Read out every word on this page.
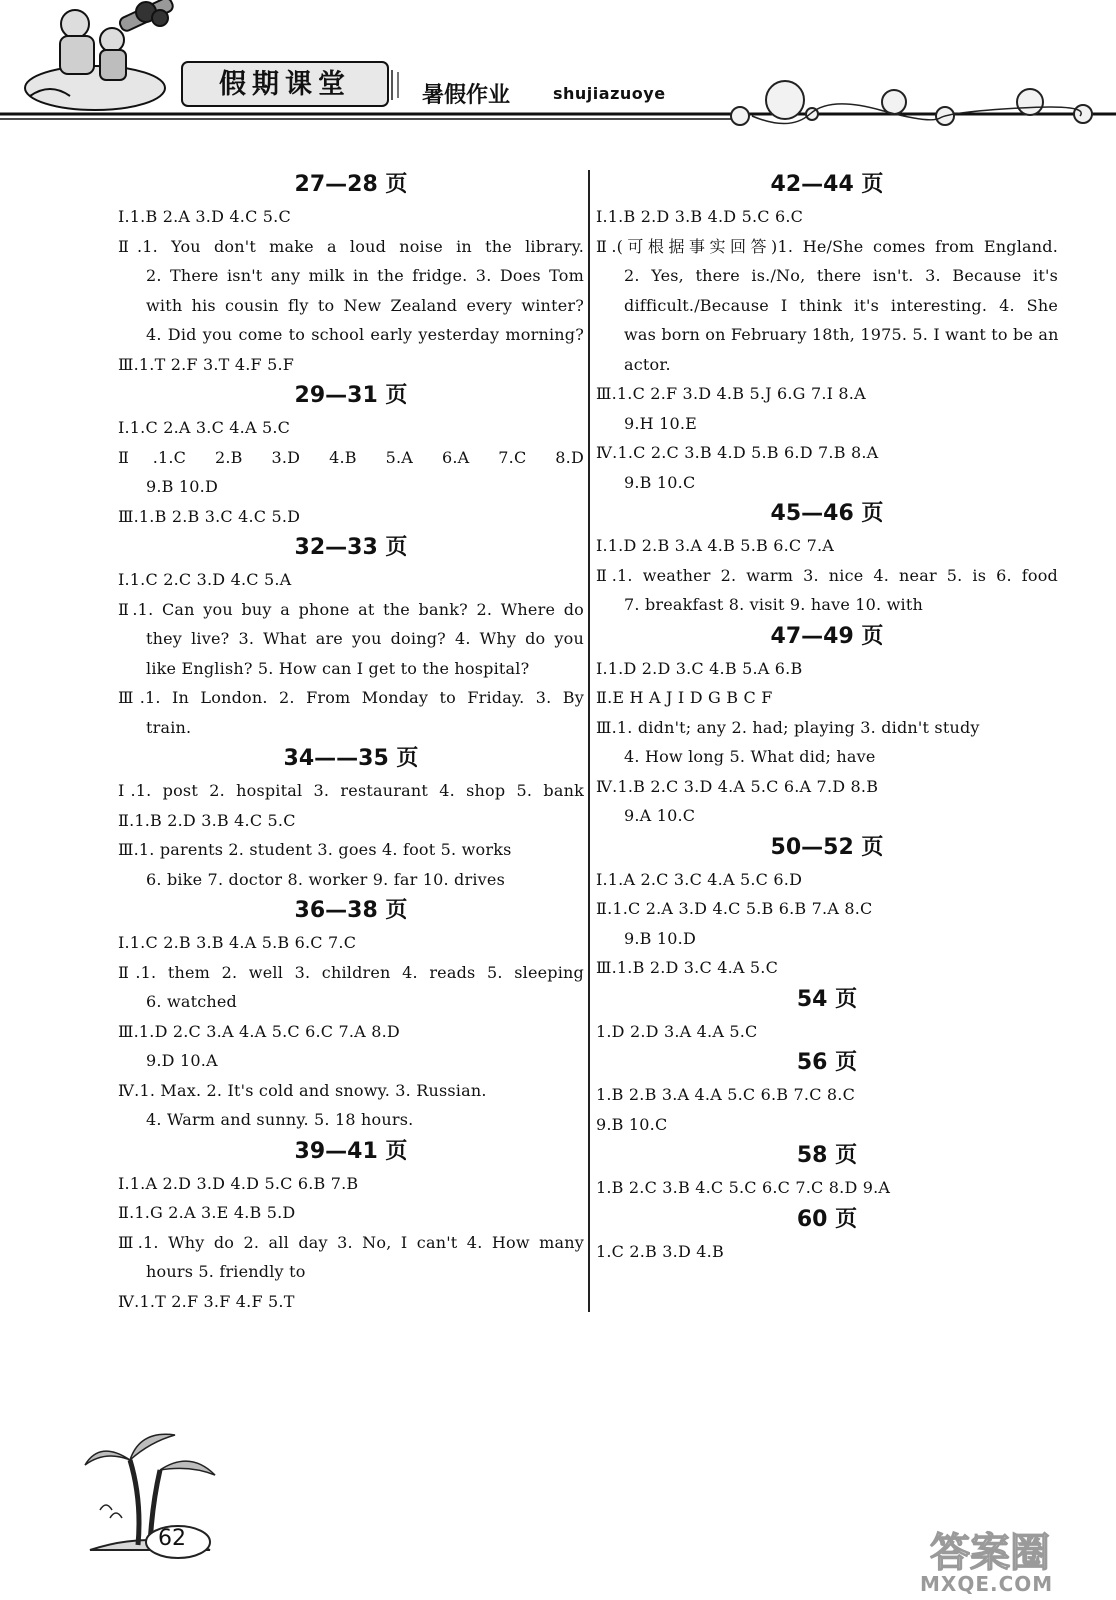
假期课堂	暑假作业	shujiazuoye
27—28 页
Ⅰ.1.B 2.A 3.D 4.C 5.C
Ⅱ.1. You don't make a loud noise in the library.
2. There isn't any milk in the fridge. 3. Does Tom
with his cousin fly to New Zealand every winter?
4. Did you come to school early yesterday morning?
Ⅲ.1.T 2.F 3.T 4.F 5.F
29—31 页
Ⅰ.1.C 2.A 3.C 4.A 5.C
Ⅱ.1.C 2.B 3.D 4.B 5.A 6.A 7.C 8.D
9.B 10.D
Ⅲ.1.B 2.B 3.C 4.C 5.D
32—33 页
Ⅰ.1.C 2.C 3.D 4.C 5.A
Ⅱ.1. Can you buy a phone at the bank? 2. Where do
they live? 3. What are you doing? 4. Why do you
like English? 5. How can I get to the hospital?
Ⅲ.1. In London. 2. From Monday to Friday. 3. By
train.
34——35 页
Ⅰ.1. post 2. hospital 3. restaurant 4. shop 5. bank
Ⅱ.1.B 2.D 3.B 4.C 5.C
Ⅲ.1. parents 2. student 3. goes 4. foot 5. works
6. bike 7. doctor 8. worker 9. far 10. drives
36—38 页
Ⅰ.1.C 2.B 3.B 4.A 5.B 6.C 7.C
Ⅱ.1. them 2. well 3. children 4. reads 5. sleeping
6. watched
Ⅲ.1.D 2.C 3.A 4.A 5.C 6.C 7.A 8.D
9.D 10.A
Ⅳ.1. Max. 2. It's cold and snowy. 3. Russian.
4. Warm and sunny. 5. 18 hours.
39—41 页
Ⅰ.1.A 2.D 3.D 4.D 5.C 6.B 7.B
Ⅱ.1.G 2.A 3.E 4.B 5.D
Ⅲ.1. Why do 2. all day 3. No, I can't 4. How many
hours 5. friendly to
Ⅳ.1.T 2.F 3.F 4.F 5.T
42—44 页
Ⅰ.1.B 2.D 3.B 4.D 5.C 6.C
Ⅱ.(可根据事实回答)1. He/She comes from England.
2. Yes, there is./No, there isn't. 3. Because it's
difficult./Because I think it's interesting. 4. She
was born on February 18th, 1975. 5. I want to be an
actor.
Ⅲ.1.C 2.F 3.D 4.B 5.J 6.G 7.I 8.A
9.H 10.E
Ⅳ.1.C 2.C 3.B 4.D 5.B 6.D 7.B 8.A
9.B 10.C
45—46 页
Ⅰ.1.D 2.B 3.A 4.B 5.B 6.C 7.A
Ⅱ.1. weather 2. warm 3. nice 4. near 5. is 6. food
7. breakfast 8. visit 9. have 10. with
47—49 页
Ⅰ.1.D 2.D 3.C 4.B 5.A 6.B
Ⅱ.E H A J I D G B C F
Ⅲ.1. didn't; any 2. had; playing 3. didn't study
4. How long 5. What did; have
Ⅳ.1.B 2.C 3.D 4.A 5.C 6.A 7.D 8.B
9.A 10.C
50—52 页
Ⅰ.1.A 2.C 3.C 4.A 5.C 6.D
Ⅱ.1.C 2.A 3.D 4.C 5.B 6.B 7.A 8.C
9.B 10.D
Ⅲ.1.B 2.D 3.C 4.A 5.C
54 页
1.D 2.D 3.A 4.A 5.C
56 页
1.B 2.B 3.A 4.A 5.C 6.B 7.C 8.C
9.B 10.C
58 页
1.B 2.C 3.B 4.C 5.C 6.C 7.C 8.D 9.A
60 页
1.C 2.B 3.D 4.B
62	答案圈
MXQE.COM
